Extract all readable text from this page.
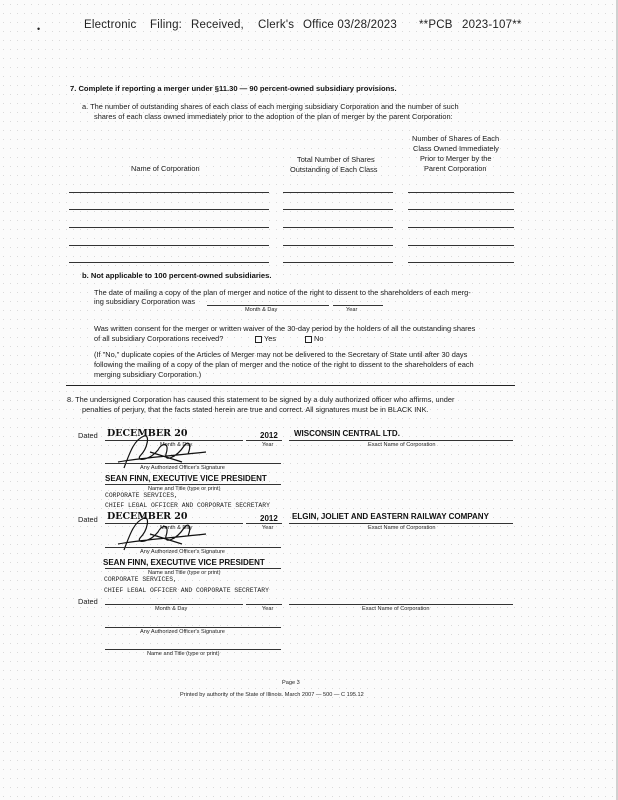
•	Electronic Filing: Received, Clerk's Office 03/28/2023 **PCB 2023-107**
7. Complete if reporting a merger under §11.30 — 90 percent-owned subsidiary provisions.
a. The number of outstanding shares of each class of each merging subsidiary Corporation and the number of such
shares of each class owned immediately prior to the adoption of the plan of merger by the parent Corporation:
Name of Corporation
Total Number of Shares
Outstanding of Each Class
Number of Shares of Each
Class Owned Immediately
Prior to Merger by the
Parent Corporation
b. Not applicable to 100 percent-owned subsidiaries.
The date of mailing a copy of the plan of merger and notice of the right to dissent to the shareholders of each merg-
ing subsidiary Corporation was
Month & Day	Year
Was written consent for the merger or written waiver of the 30-day period by the holders of all the outstanding shares
of all subsidiary Corporations received?	Yes	No
(If "No," duplicate copies of the Articles of Merger may not be delivered to the Secretary of State until after 30 days
following the mailing of a copy of the plan of merger and the notice of the right to dissent to the shareholders of each
merging subsidiary Corporation.)
8. The undersigned Corporation has caused this statement to be signed by a duly authorized officer who affirms, under
penalties of perjury, that the facts stated herein are true and correct. All signatures must be in BLACK INK.
Dated DECEMBER 20	2012 WISCONSIN CENTRAL LTD.
Month & Day	Year	Exact Name of Corporation
Any Authorized Officer's Signature
SEAN FINN, EXECUTIVE VICE PRESIDENT
Name and Title (type or print)
CORPORATE SERVICES,
CHIEF LEGAL OFFICER AND CORPORATE SECRETARY
Dated DECEMBER 20	2012 ELGIN, JOLIET AND EASTERN RAILWAY COMPANY
Month & Day	Year	Exact Name of Corporation
Any Authorized Officer's Signature
SEAN FINN, EXECUTIVE VICE PRESIDENT
Name and Title (type or print)
CORPORATE SERVICES,
CHIEF LEGAL OFFICER AND CORPORATE SECRETARY
Dated
Month & Day	Year	Exact Name of Corporation
Any Authorized Officer's Signature
Name and Title (type or print)
Page 3
Printed by authority of the State of Illinois. March 2007 — 500 — C 195.12
